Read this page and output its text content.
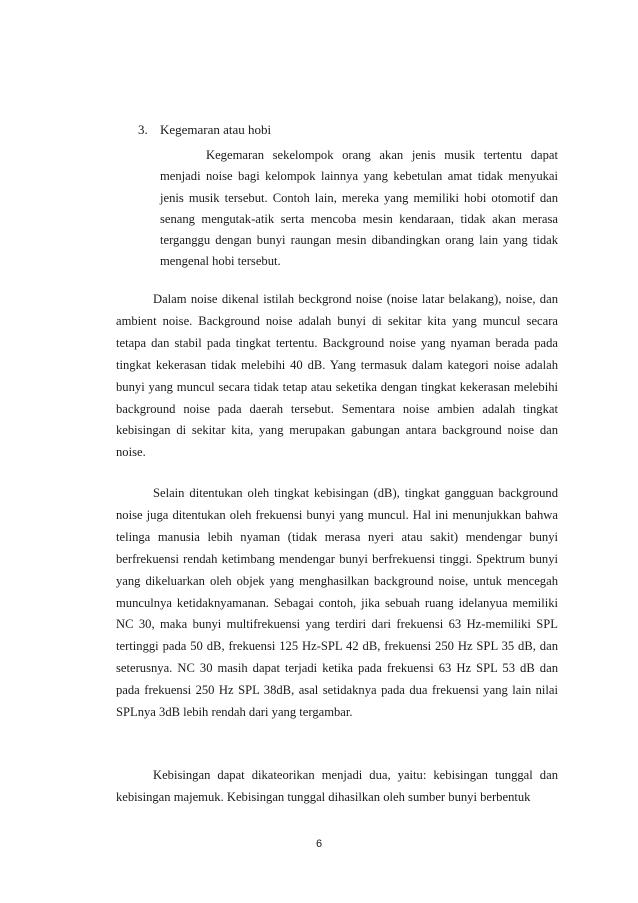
3. Kegemaran atau hobi
Kegemaran sekelompok orang akan jenis musik tertentu dapat menjadi noise bagi kelompok lainnya yang kebetulan amat tidak menyukai jenis musik tersebut. Contoh lain, mereka yang memiliki hobi otomotif dan senang mengutak-atik serta mencoba mesin kendaraan, tidak akan merasa terganggu dengan bunyi raungan mesin dibandingkan orang lain yang tidak mengenal hobi tersebut.
Dalam noise dikenal istilah beckgrond noise (noise latar belakang), noise, dan ambient noise. Background noise adalah bunyi di sekitar kita yang muncul secara tetapa dan stabil pada tingkat tertentu. Background noise yang nyaman berada pada tingkat kekerasan tidak melebihi 40 dB. Yang termasuk dalam kategori noise adalah bunyi yang muncul secara tidak tetap atau seketika dengan tingkat kekerasan melebihi background noise pada daerah tersebut. Sementara noise ambien adalah tingkat kebisingan di sekitar kita, yang merupakan gabungan antara background noise dan noise.
Selain ditentukan oleh tingkat kebisingan (dB), tingkat gangguan background noise juga ditentukan oleh frekuensi bunyi yang muncul. Hal ini menunjukkan bahwa telinga manusia lebih nyaman (tidak merasa nyeri atau sakit) mendengar bunyi berfrekuensi rendah ketimbang mendengar bunyi berfrekuensi tinggi. Spektrum bunyi yang dikeluarkan oleh objek yang menghasilkan background noise, untuk mencegah munculnya ketidaknyamanan. Sebagai contoh, jika sebuah ruang idelanyua memiliki NC 30, maka bunyi multifrekuensi yang terdiri dari frekuensi 63 Hz-memiliki SPL tertinggi pada 50 dB, frekuensi 125 Hz-SPL 42 dB, frekuensi 250 Hz SPL 35 dB, dan seterusnya. NC 30 masih dapat terjadi ketika pada frekuensi 63 Hz SPL 53 dB dan pada frekuensi 250 Hz SPL 38dB, asal setidaknya pada dua frekuensi yang lain nilai SPLnya 3dB lebih rendah dari yang tergambar.
Kebisingan dapat dikateorikan menjadi dua, yaitu: kebisingan tunggal dan kebisingan majemuk. Kebisingan tunggal dihasilkan oleh sumber bunyi berbentuk
6
